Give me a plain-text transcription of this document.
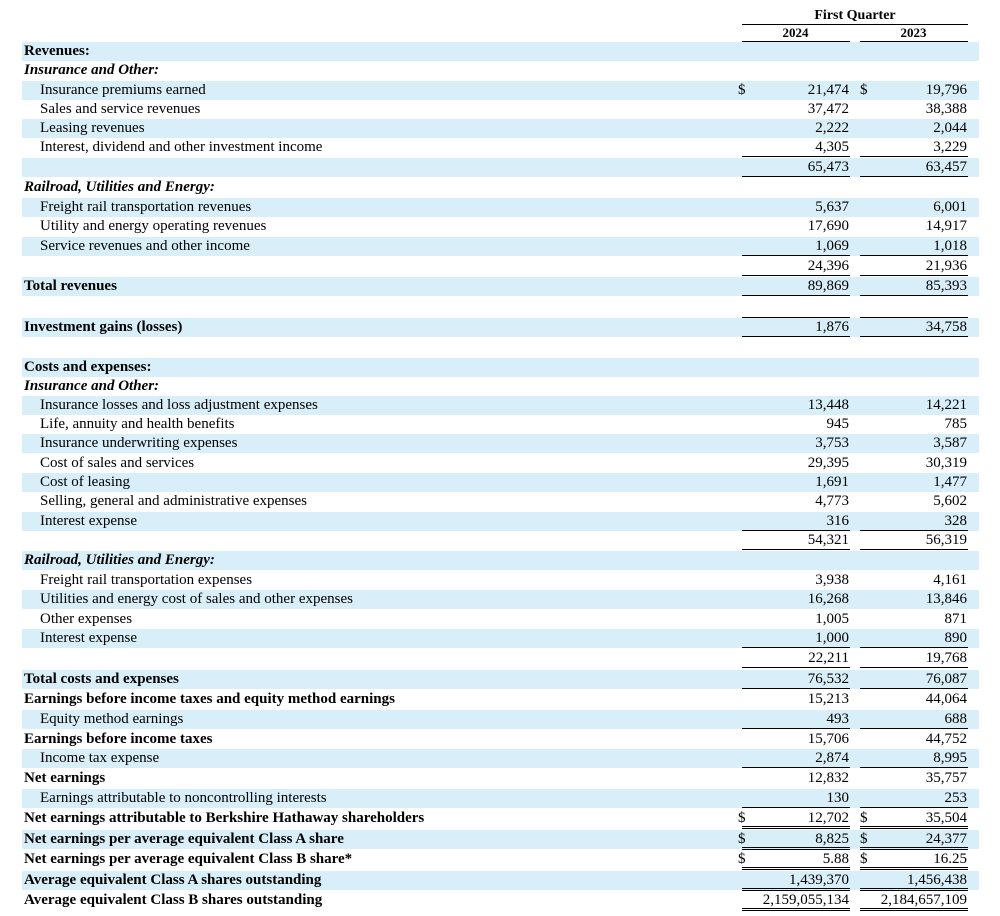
First Quarter
2024	2023
Revenues:
Insurance and Other:
Insurance premiums earned	$	21,474 $	19,796
Sales and service revenues	37,472	38,388
Leasing revenues	2,222	2,044
Interest, dividend and other investment income	4,305	3,229
65,473	63,457
Railroad, Utilities and Energy:
Freight rail transportation revenues	5,637	6,001
Utility and energy operating revenues	17,690	14,917
Service revenues and other income	1,069	1,018
24,396	21,936
Total revenues	89,869	85,393
Investment gains (losses)	1,876	34,758
Costs and expenses:
Insurance and Other:
Insurance losses and loss adjustment expenses	13,448	14,221
Life, annuity and health benefits	945	785
Insurance underwriting expenses	3,753	3,587
Cost of sales and services	29,395	30,319
Cost of leasing	1,691	1,477
Selling, general and administrative expenses	4,773	5,602
Interest expense	316	328
54,321	56,319
Railroad, Utilities and Energy:
Freight rail transportation expenses	3,938	4,161
Utilities and energy cost of sales and other expenses	16,268	13,846
Other expenses	1,005	871
Interest expense	1,000	890
22,211	19,768
Total costs and expenses	76,532	76,087
Earnings before income taxes and equity method earnings	15,213	44,064
Equity method earnings	493	688
Earnings before income taxes	15,706	44,752
Income tax expense	2,874	8,995
Net earnings	12,832	35,757
Earnings attributable to noncontrolling interests	130	253
Net earnings attributable to Berkshire Hathaway shareholders	$	12,702 $	35,504
Net earnings per average equivalent Class A share	$	8,825 $	24,377
Net earnings per average equivalent Class B share*	$	5.88 $	16.25
Average equivalent Class A shares outstanding	1,439,370	1,456,438
Average equivalent Class B shares outstanding	2,159,055,134	2,184,657,109
